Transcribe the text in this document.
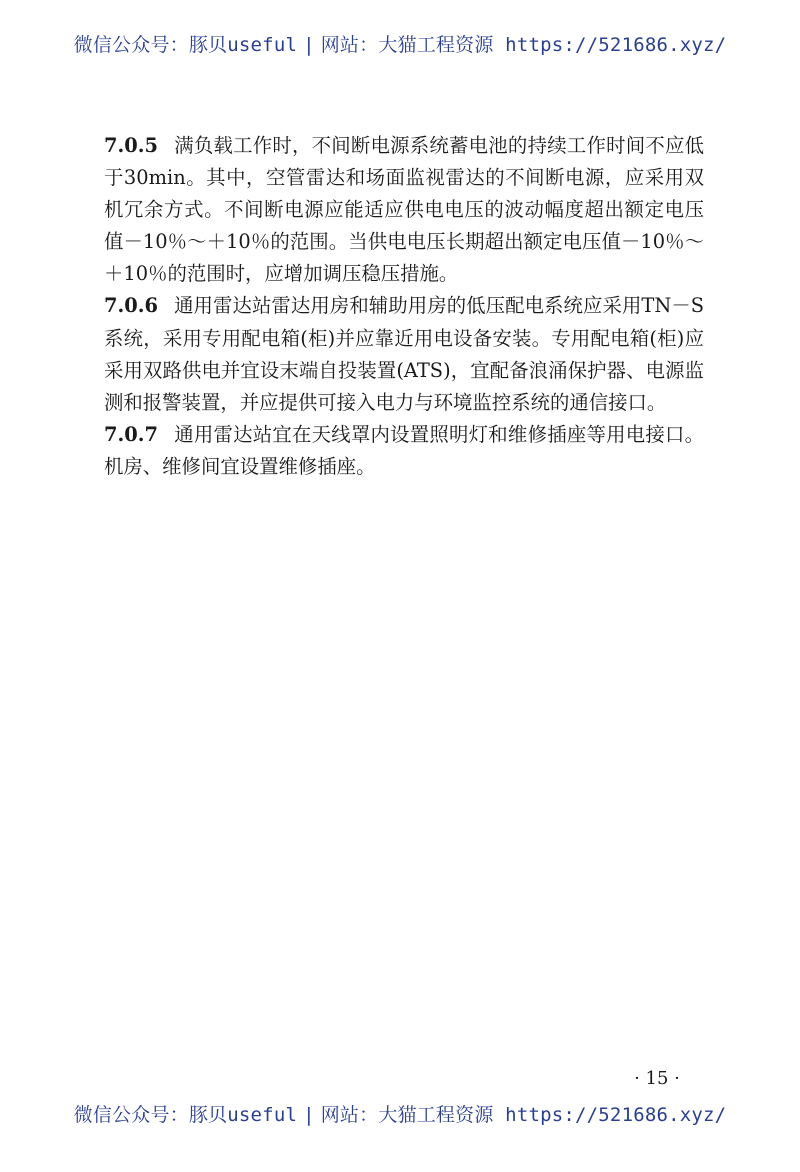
微信公众号：豚贝useful | 网站：大猫工程资源 https://521686.xyz/

7.0.5 满负载工作时，不间断电源系统蓄电池的持续工作时间不应低于30min。其中，空管雷达和场面监视雷达的不间断电源，应采用双机冗余方式。不间断电源应能适应供电电压的波动幅度超出额定电压值－10％～＋10％的范围。当供电电压长期超出额定电压值－10％～＋10％的范围时，应增加调压稳压措施。

7.0.6 通用雷达站雷达用房和辅助用房的低压配电系统应采用TN－S系统，采用专用配电箱(柜)并应靠近用电设备安装。专用配电箱(柜)应采用双路供电并宜设末端自投装置(ATS)，宜配备浪涌保护器、电源监测和报警装置，并应提供可接入电力与环境监控系统的通信接口。

7.0.7 通用雷达站宜在天线罩内设置照明灯和维修插座等用电接口。机房、维修间宜设置维修插座。

· 15 ·
微信公众号：豚贝useful | 网站：大猫工程资源 https://521686.xyz/
